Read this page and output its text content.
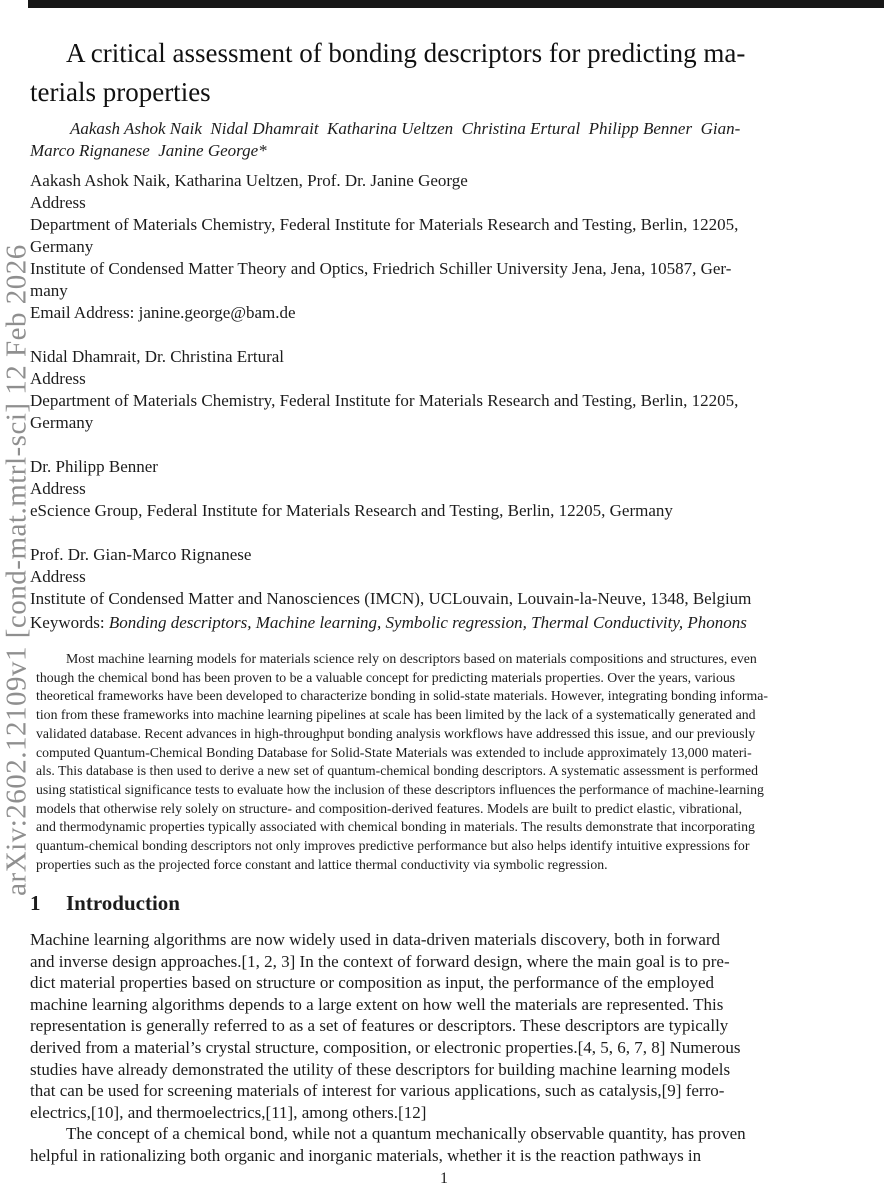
arXiv:2602.12109v1 [cond-mat.mtrl-sci] 12 Feb 2026
A critical assessment of bonding descriptors for predicting ma-
terials properties
Aakash Ashok Naik  Nidal Dhamrait  Katharina Ueltzen  Christina Ertural  Philipp Benner  Gian-
Marco Rignanese  Janine George*
Aakash Ashok Naik, Katharina Ueltzen, Prof. Dr. Janine George
Address
Department of Materials Chemistry, Federal Institute for Materials Research and Testing, Berlin, 12205,
Germany
Institute of Condensed Matter Theory and Optics, Friedrich Schiller University Jena, Jena, 10587, Ger-
many
Email Address: janine.george@bam.de
Nidal Dhamrait, Dr. Christina Ertural
Address
Department of Materials Chemistry, Federal Institute for Materials Research and Testing, Berlin, 12205,
Germany
Dr. Philipp Benner
Address
eScience Group, Federal Institute for Materials Research and Testing, Berlin, 12205, Germany
Prof. Dr. Gian-Marco Rignanese
Address
Institute of Condensed Matter and Nanosciences (IMCN), UCLouvain, Louvain-la-Neuve, 1348, Belgium
Keywords: Bonding descriptors, Machine learning, Symbolic regression, Thermal Conductivity, Phonons
Most machine learning models for materials science rely on descriptors based on materials compositions and structures, even
though the chemical bond has been proven to be a valuable concept for predicting materials properties. Over the years, various
theoretical frameworks have been developed to characterize bonding in solid-state materials. However, integrating bonding informa-
tion from these frameworks into machine learning pipelines at scale has been limited by the lack of a systematically generated and
validated database. Recent advances in high-throughput bonding analysis workflows have addressed this issue, and our previously
computed Quantum-Chemical Bonding Database for Solid-State Materials was extended to include approximately 13,000 materi-
als. This database is then used to derive a new set of quantum-chemical bonding descriptors. A systematic assessment is performed
using statistical significance tests to evaluate how the inclusion of these descriptors influences the performance of machine-learning
models that otherwise rely solely on structure- and composition-derived features. Models are built to predict elastic, vibrational,
and thermodynamic properties typically associated with chemical bonding in materials. The results demonstrate that incorporating
quantum-chemical bonding descriptors not only improves predictive performance but also helps identify intuitive expressions for
properties such as the projected force constant and lattice thermal conductivity via symbolic regression.
1 Introduction
Machine learning algorithms are now widely used in data-driven materials discovery, both in forward
and inverse design approaches.[1, 2, 3] In the context of forward design, where the main goal is to pre-
dict material properties based on structure or composition as input, the performance of the employed
machine learning algorithms depends to a large extent on how well the materials are represented. This
representation is generally referred to as a set of features or descriptors. These descriptors are typically
derived from a material’s crystal structure, composition, or electronic properties.[4, 5, 6, 7, 8] Numerous
studies have already demonstrated the utility of these descriptors for building machine learning models
that can be used for screening materials of interest for various applications, such as catalysis,[9] ferro-
electrics,[10], and thermoelectrics,[11], among others.[12]
The concept of a chemical bond, while not a quantum mechanically observable quantity, has proven
helpful in rationalizing both organic and inorganic materials, whether it is the reaction pathways in
1
